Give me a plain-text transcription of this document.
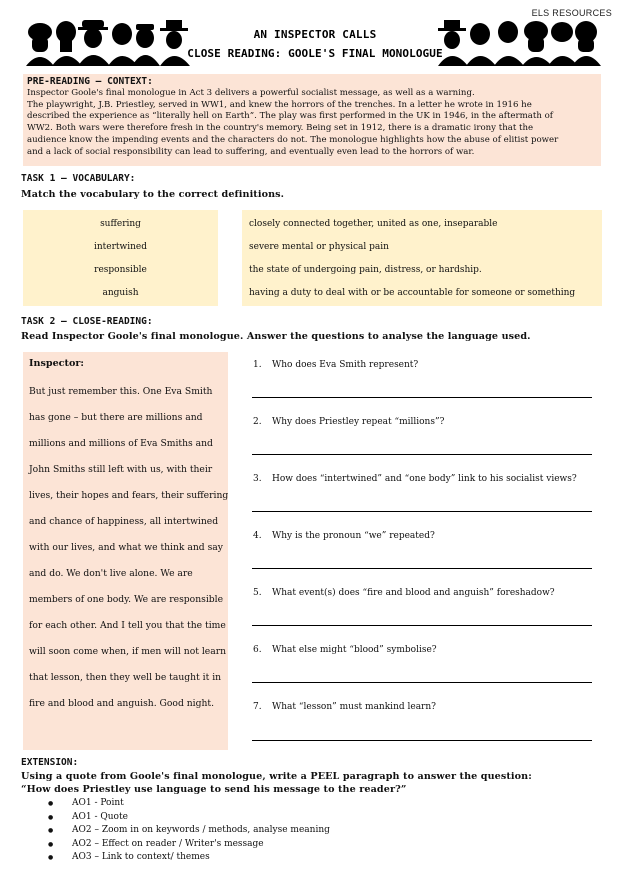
ELS RESOURCES
AN INSPECTOR CALLS
CLOSE READING: GOOLE'S FINAL MONOLOGUE
PRE-READING – CONTEXT:
Inspector Goole's final monologue in Act 3 delivers a powerful socialist message, as well as a warning.
The playwright, J.B. Priestley, served in WW1, and knew the horrors of the trenches. In a letter he wrote in 1916 he
described the experience as “literally hell on Earth”. The play was first performed in the UK in 1946, in the aftermath of
WW2. Both wars were therefore fresh in the country's memory. Being set in 1912, there is a dramatic irony that the
audience know the impending events and the characters do not. The monologue highlights how the abuse of elitist power
and a lack of social responsibility can lead to suffering, and eventually even lead to the horrors of war.
TASK 1 – VOCABULARY:
Match the vocabulary to the correct definitions.
suffering
intertwined
responsible
anguish
closely connected together, united as one, inseparable
severe mental or physical pain
the state of undergoing pain, distress, or hardship.
having a duty to deal with or be accountable for someone or something
TASK 2 – CLOSE-READING:
Read Inspector Goole's final monologue. Answer the questions to analyse the language used.
Inspector:
But just remember this. One Eva Smith
has gone – but there are millions and
millions and millions of Eva Smiths and
John Smiths still left with us, with their
lives, their hopes and fears, their suffering
and chance of happiness, all intertwined
with our lives, and what we think and say
and do. We don't live alone. We are
members of one body. We are responsible
for each other. And I tell you that the time
will soon come when, if men will not learn
that lesson, then they well be taught it in
fire and blood and anguish. Good night.
1. Who does Eva Smith represent?
2. Why does Priestley repeat “millions”?
3. How does “intertwined” and “one body” link to his socialist views?
4. Why is the pronoun “we” repeated?
5. What event(s) does “fire and blood and anguish” foreshadow?
6. What else might “blood” symbolise?
7. What “lesson” must mankind learn?
EXTENSION:
Using a quote from Goole's final monologue, write a PEEL paragraph to answer the question:
“How does Priestley use language to send his message to the reader?”
● AO1 - Point
● AO1 - Quote
● AO2 – Zoom in on keywords / methods, analyse meaning
● AO2 – Effect on reader / Writer's message
● AO3 – Link to context/ themes
